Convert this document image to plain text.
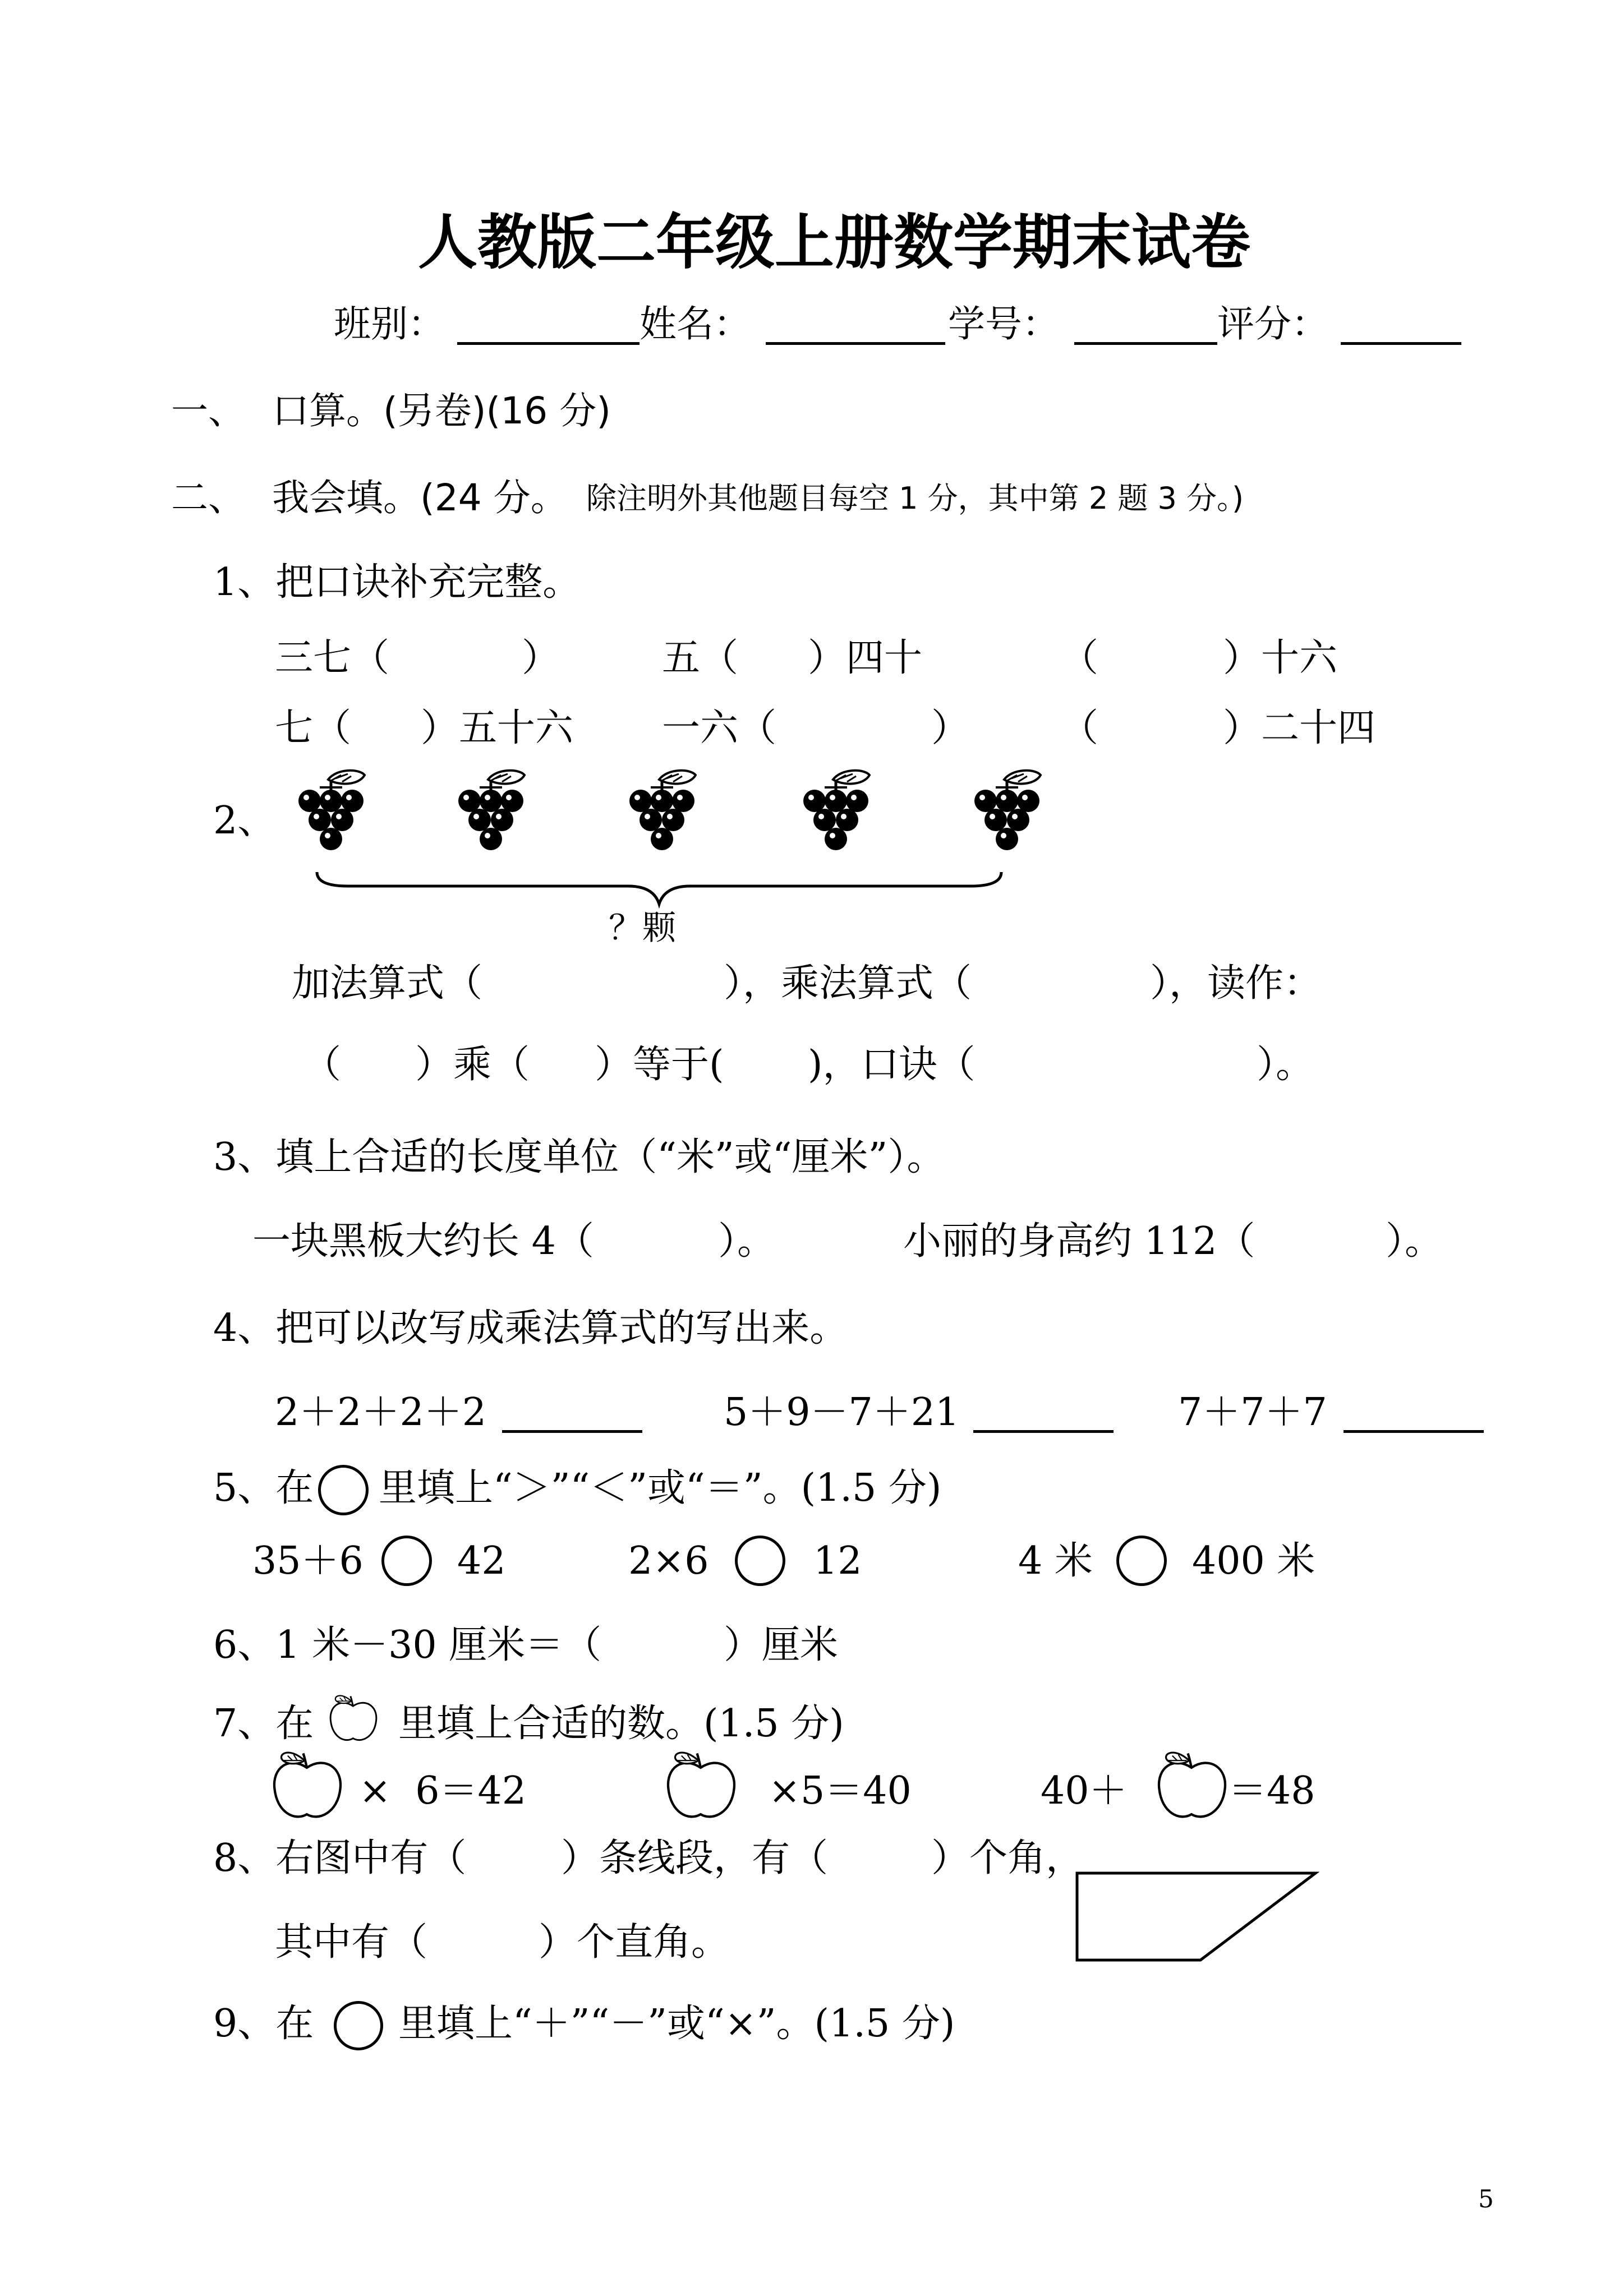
人教版二年级上册数学期末试卷
班别：	姓名：	学号：	评分：
一、 口算。(另卷)(16 分)
二、 我会填。(24 分。 除注明外其他题目每空 1 分，其中第 2 题 3 分。)
1、把口诀补充完整。
三七（	）	五（ ）四十	（	）十六
七（ ）五十六 一六（	） （	）二十四
2、
？颗
加法算式（	），乘法算式（	），读作：
（ ）乘（ ）等于( )，口诀（	）。
3、填上合适的长度单位（“米”或“厘米”）。
一块黑板大约长 4（	）。	小丽的身高约 112（	）。
4、把可以改写成乘法算式的写出来。
2＋2＋2＋2	5＋9－7＋21	7＋7＋7
5、在 里填上“＞”“＜”或“＝”。(1.5 分)
35＋6 42	2×6	12	4 米	400 米
6、1 米－30 厘米＝（	）厘米
7、在 里填上合适的数。(1.5 分)
×  6＝42	×5＝40	40＋	＝48
8、右图中有（ ）条线段，有（	）个角，
其中有（	）个直角。
9、在 里填上“＋”“－”或“×”。(1.5 分)
5
